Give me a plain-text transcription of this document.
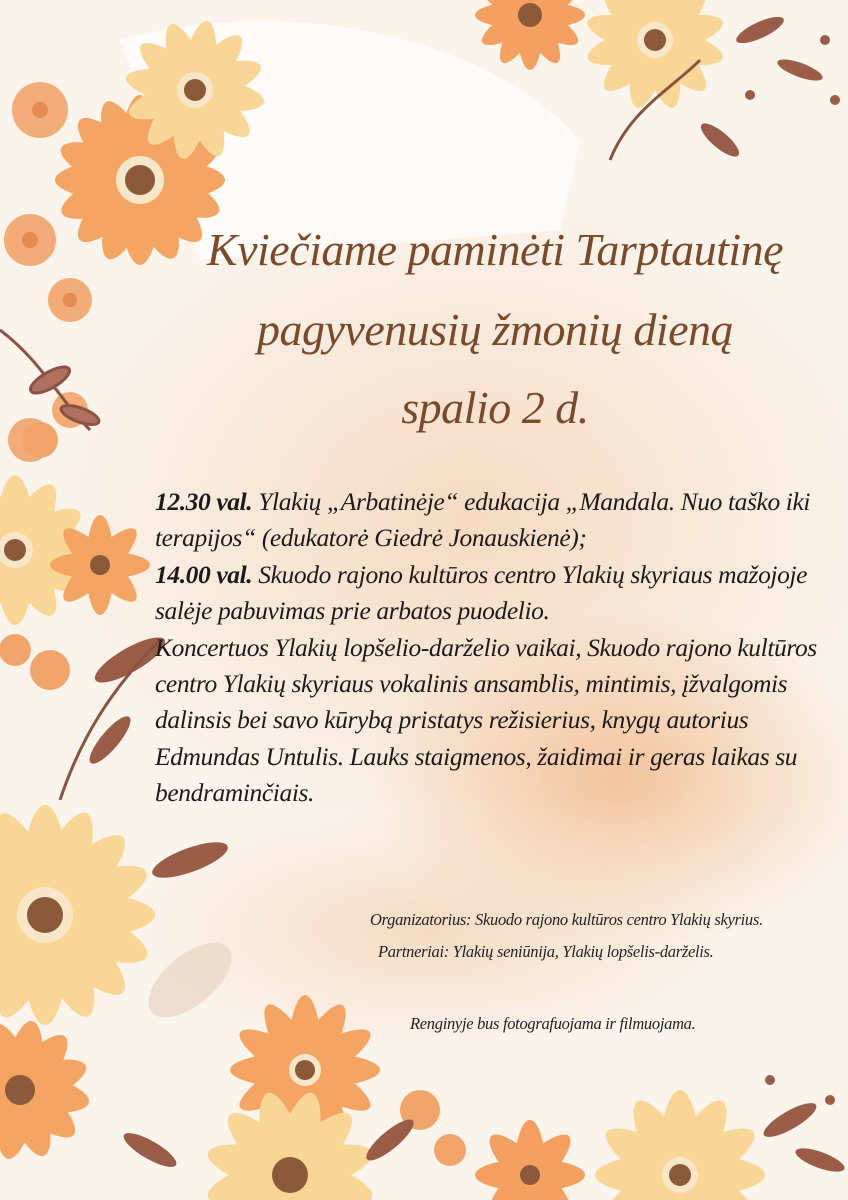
Kviečiame paminėti Tarptautinę
pagyvenusių žmonių dieną
spalio 2 d.

12.30 val. Ylakių „Arbatinėje“ edukacija „Mandala. Nuo taško iki terapijos“ (edukatorė Giedrė Jonauskienė);

14.00 val. Skuodo rajono kultūros centro Ylakių skyriaus mažojoje salėje pabuvimas prie arbatos puodelio.

Koncertuos Ylakių lopšelio-darželio vaikai, Skuodo rajono kultūros centro Ylakių skyriaus vokalinis ansamblis, mintimis, įžvalgomis dalinsis bei savo kūrybą pristatys režisierius, knygų autorius Edmundas Untulis. Lauks staigmenos, žaidimai ir geras laikas su bendraminčiais.

Organizatorius: Skuodo rajono kultūros centro Ylakių skyrius.
Partneriai: Ylakių seniūnija, Ylakių lopšelis-darželis.
Renginyje bus fotografuojama ir filmuojama.
